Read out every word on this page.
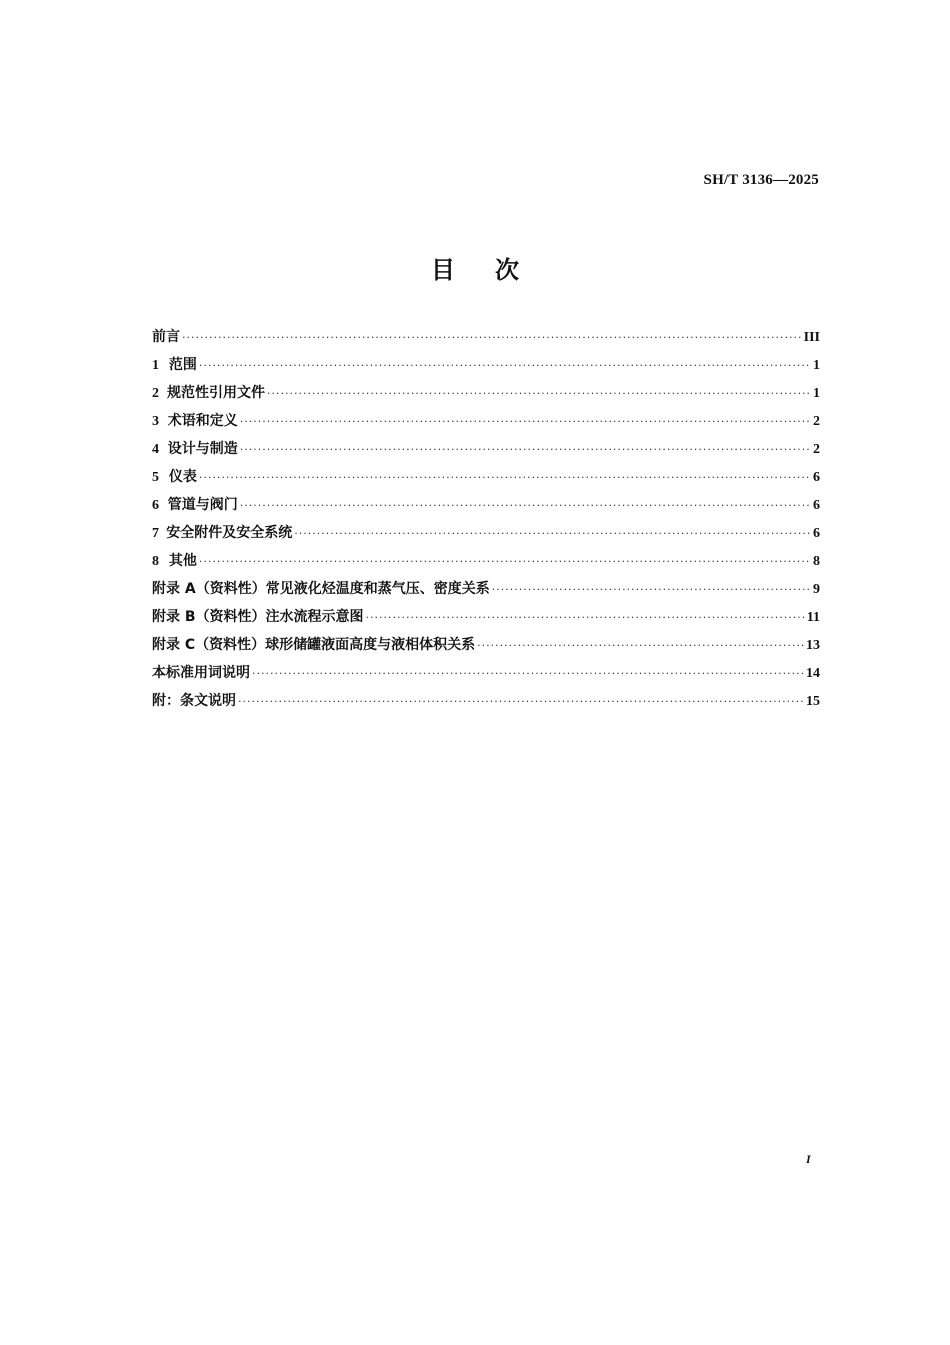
SH/T 3136—2025
目次
前言 ·····	III
1 范围 ·····	1
2 规范性引用文件 ·····	1
3 术语和定义 ·····	2
4 设计与制造 ·····	2
5 仪表 ·····	6
6 管道与阀门 ·····	6
7 安全附件及安全系统 ·····	6
8 其他 ·····	8
附录 A（资料性） 常见液化烃温度和蒸气压、密度关系 ·····	9
附录 B（资料性） 注水流程示意图 ·····	11
附录 C（资料性） 球形储罐液面高度与液相体积关系 ·····	13
本标准用词说明 ·····	14
附：条文说明 ·····	15
I
